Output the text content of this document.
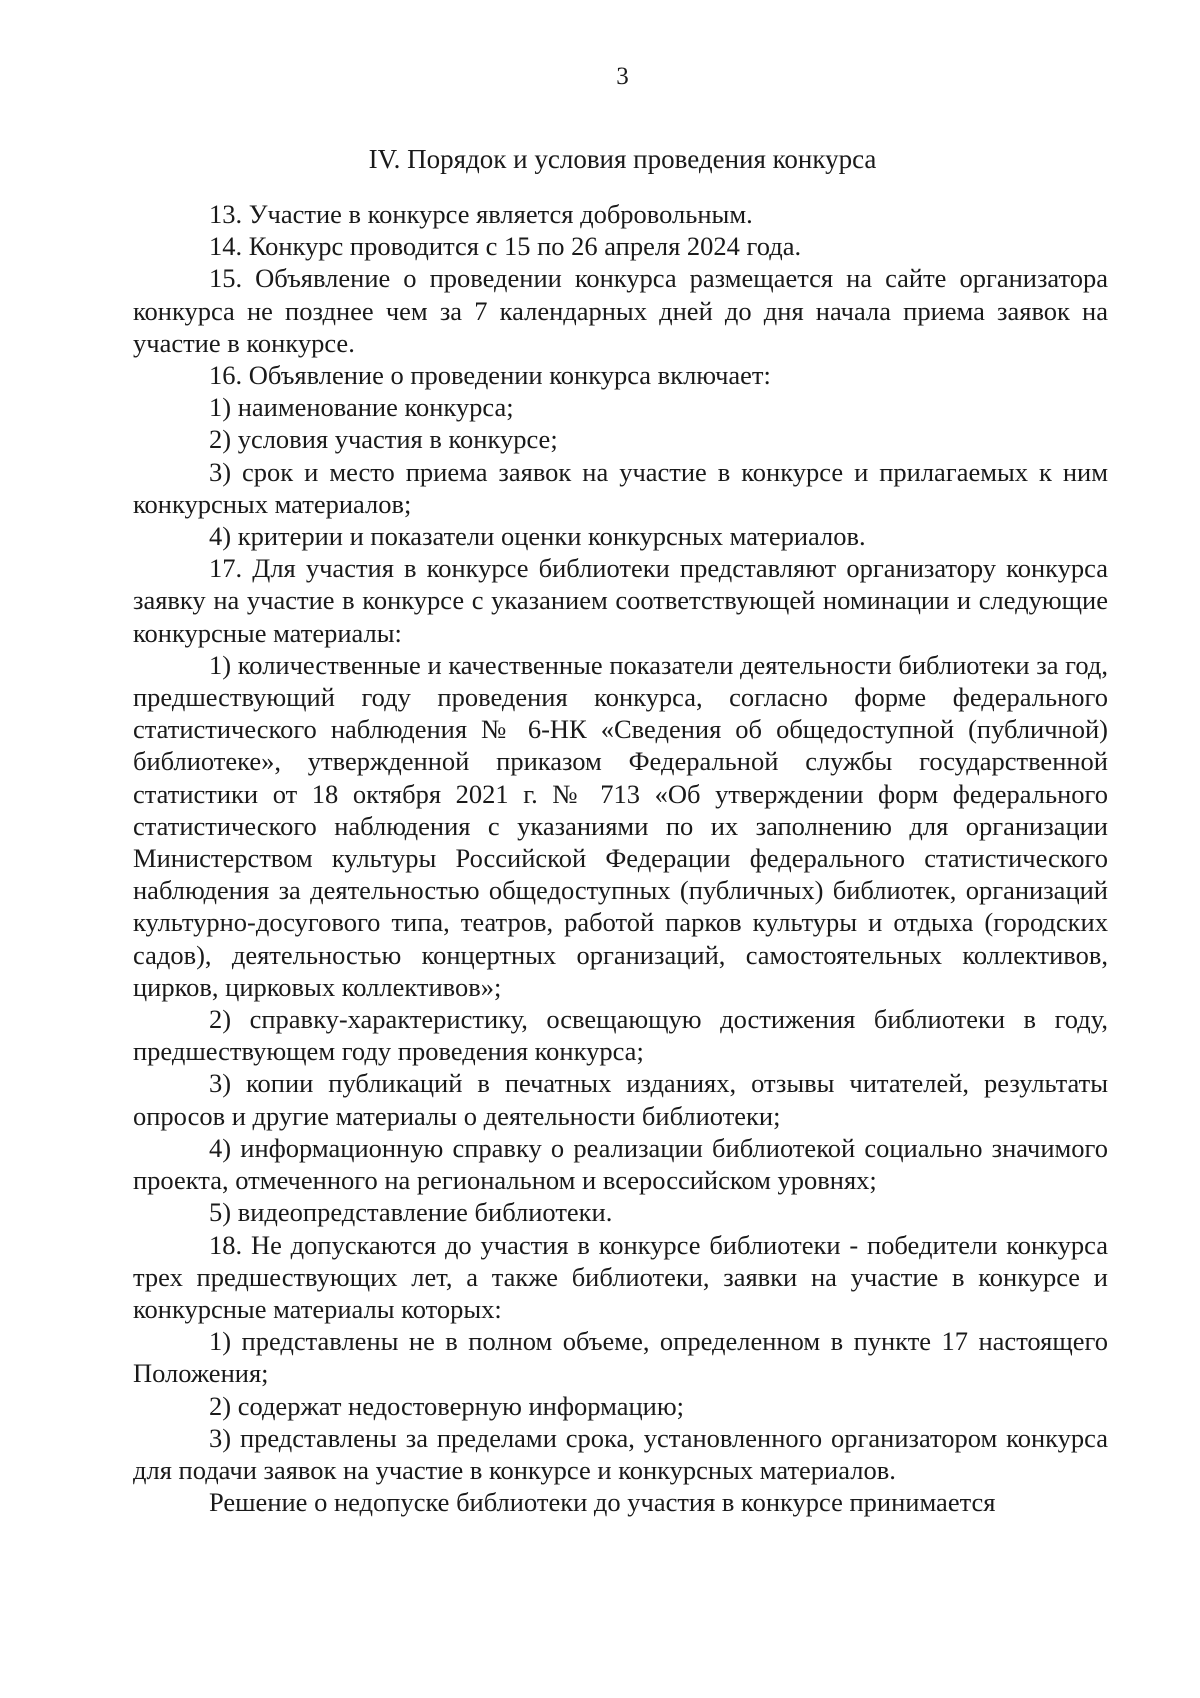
3
IV. Порядок и условия проведения конкурса

13. Участие в конкурсе является добровольным.

14. Конкурс проводится с 15 по 26 апреля 2024 года.

15. Объявление о проведении конкурса размещается на сайте организатора конкурса не позднее чем за 7 календарных дней до дня начала приема заявок на участие в конкурсе.

16. Объявление о проведении конкурса включает:

1) наименование конкурса;

2) условия участия в конкурсе;

3) срок и место приема заявок на участие в конкурсе и прилагаемых к ним конкурсных материалов;

4) критерии и показатели оценки конкурсных материалов.

17. Для участия в конкурсе библиотеки представляют организатору конкурса заявку на участие в конкурсе с указанием соответствующей номинации и следующие конкурсные материалы:

1) количественные и качественные показатели деятельности библиотеки за год, предшествующий году проведения конкурса, согласно форме федерального статистического наблюдения № 6-НК «Сведения об общедоступной (публичной) библиотеке», утвержденной приказом Федеральной службы государственной статистики от 18 октября 2021 г. № 713 «Об утверждении форм федерального статистического наблюдения с указаниями по их заполнению для организации Министерством культуры Российской Федерации федерального статистического наблюдения за деятельностью общедоступных (публичных) библиотек, организаций культурно-досугового типа, театров, работой парков культуры и отдыха (городских садов), деятельностью концертных организаций, самостоятельных коллективов, цирков, цирковых коллективов»;

2) справку-характеристику, освещающую достижения библиотеки в году, предшествующем году проведения конкурса;

3) копии публикаций в печатных изданиях, отзывы читателей, результаты опросов и другие материалы о деятельности библиотеки;

4) информационную справку о реализации библиотекой социально значимого проекта, отмеченного на региональном и всероссийском уровнях;

5) видеопредставление библиотеки.

18. Не допускаются до участия в конкурсе библиотеки - победители конкурса трех предшествующих лет, а также библиотеки, заявки на участие в конкурсе и конкурсные материалы которых:

1) представлены не в полном объеме, определенном в пункте 17 настоящего Положения;

2) содержат недостоверную информацию;

3) представлены за пределами срока, установленного организатором конкурса для подачи заявок на участие в конкурсе и конкурсных материалов.

Решение о недопуске библиотеки до участия в конкурсе принимается
